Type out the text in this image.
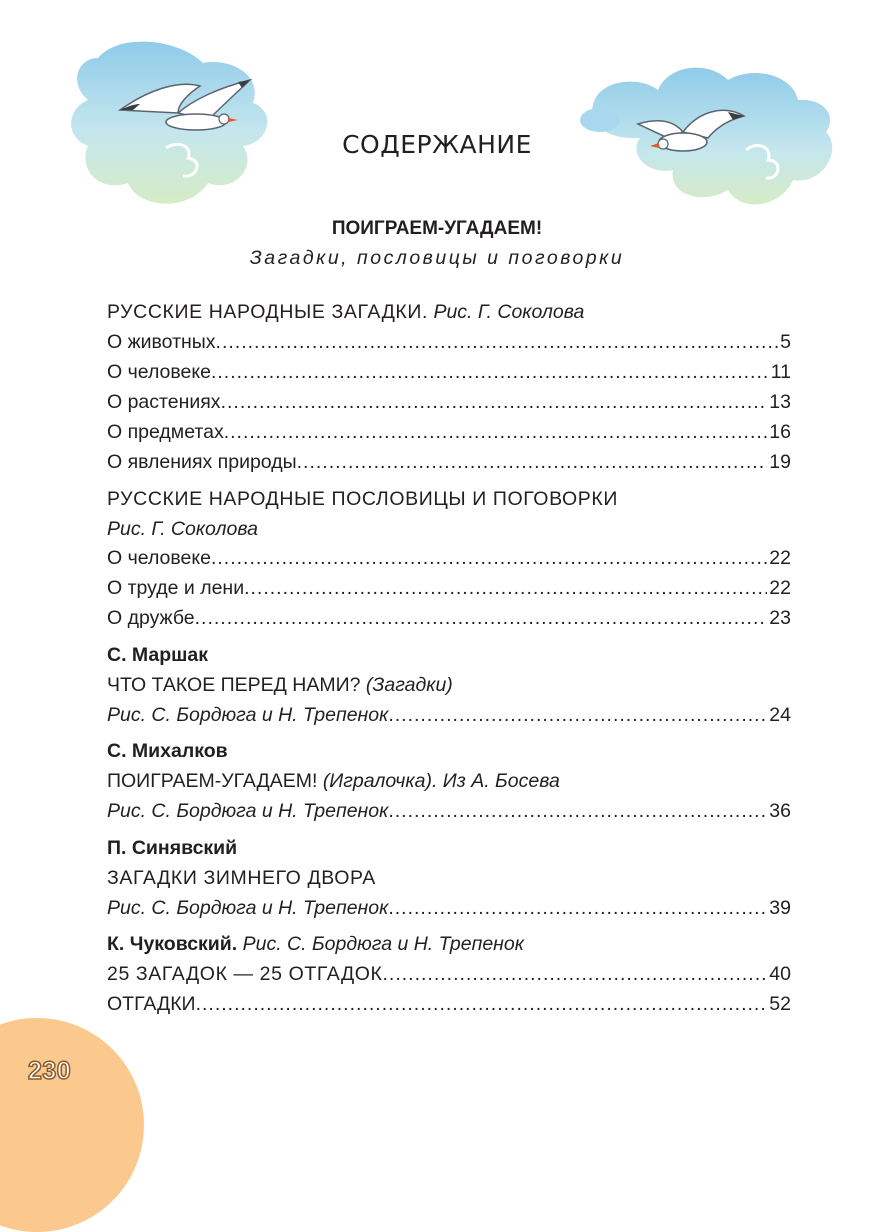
СОДЕРЖАНИЕ
ПОИГРАЕМ-УГАДАЕМ!
Загадки, пословицы и поговорки
РУССКИЕ НАРОДНЫЕ ЗАГАДКИ.
Рис. Г. Соколова
О животных .....	5
О человеке .....	11
О растениях .....	13
О предметах .....	16
О явлениях природы .....	19
РУССКИЕ НАРОДНЫЕ ПОСЛОВИЦЫ И ПОГОВОРКИ
Рис. Г. Соколова
О человеке .....	22
О труде и лени .....	22
О дружбе .....	23
С. Маршак
ЧТО ТАКОЕ ПЕРЕД НАМИ?
(Загадки)
Рис. С. Бордюга и Н. Трепенок .....	24
С. Михалков
ПОИГРАЕМ-УГАДАЕМ!
(Игралочка). Из А. Босева
Рис. С. Бордюга и Н. Трепенок .....	36
П. Синявский
ЗАГАДКИ ЗИМНЕГО ДВОРА
Рис. С. Бордюга и Н. Трепенок .....	39
К. Чуковский.
Рис. С. Бордюга и Н. Трепенок
25 ЗАГАДОК — 25 ОТГАДОК .....	40
ОТГАДКИ .....	52
230
